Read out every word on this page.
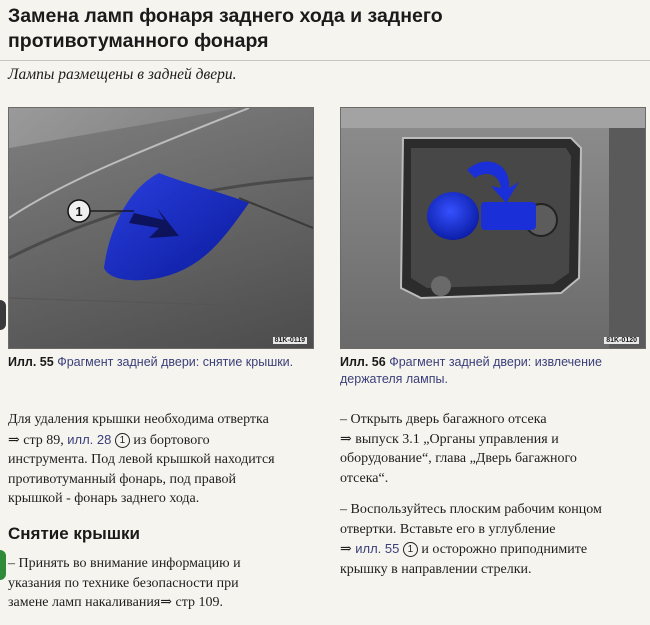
Замена ламп фонаря заднего хода и заднего
противотуманного фонаря
Лампы размещены в задней двери.
1
81K-0119	81K-0120
Илл. 55 Фрагмент задней двери: снятие крышки.	Илл. 56 Фрагмент задней двери: извлечение держателя лампы.
Для удаления крышки необходима отвертка
⇒ стр 89, илл. 28 1 из бортового
инструмента. Под левой крышкой находится
противотуманный фонарь, под правой
крышкой - фонарь заднего хода.
Снятие крышки
– Принять во внимание информацию и
указания по технике безопасности при
замене ламп накаливания⇒ стр 109.
– Открыть дверь багажного отсека
⇒ выпуск 3.1 „Органы управления и
оборудование“, глава „Дверь багажного
отсека“.
– Воспользуйтесь плоским рабочим концом
отвертки. Вставьте его в углубление
⇒ илл. 55 1 и осторожно приподнимите
крышку в направлении стрелки.
